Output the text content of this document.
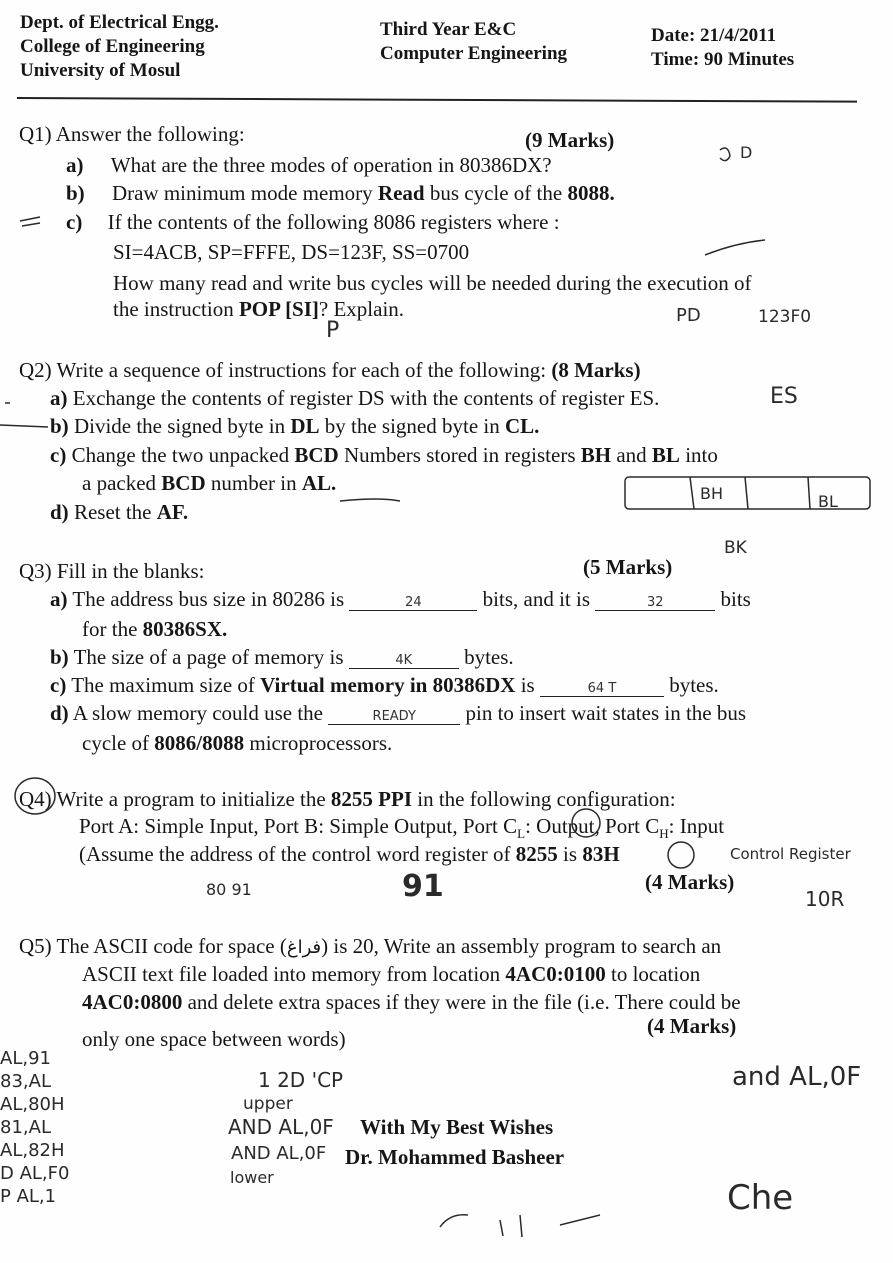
Dept. of Electrical Engg.
College of Engineering
University of Mosul
Third Year E&C
Computer Engineering
Date: 21/4/2011
Time: 90 Minutes
Q1) Answer the following:	(9 Marks)
a) What are the three modes of operation in 80386DX?
b) Draw minimum mode memory Read bus cycle of the 8088.
c) If the contents of the following 8086 registers where :
SI=4ACB, SP=FFFE, DS=123F, SS=0700
How many read and write bus cycles will be needed during the execution of
the instruction POP [SI]? Explain.
Q2) Write a sequence of instructions for each of the following: (8 Marks)
a) Exchange the contents of register DS with the contents of register ES.
b) Divide the signed byte in DL by the signed byte in CL.
c) Change the two unpacked BCD Numbers stored in registers BH and BL into
a packed BCD number in AL.
d) Reset the AF.
Q3) Fill in the blanks:	(5 Marks)
a) The address bus size in 80286 is	24	bits, and it is	32 bits
for the 80386SX.
b) The size of a page of memory is	4K bytes.
c) The maximum size of Virtual memory in 80386DX is	64 T bytes.
d) A slow memory could use the	READY pin to insert wait states in the bus
cycle of 8086/8088 microprocessors.
Q4) Write a program to initialize the 8255 PPI in the following configuration:
Port A: Simple Input, Port B: Simple Output, Port $C_L$: Output, Port $C_H$: Input
(Assume the address of the control word register of 8255 is 83H
(4 Marks)
Q5) The ASCII code for space (فراغ) is 20, Write an assembly program to search an
ASCII text file loaded into memory from location 4AC0:0100 to location
4AC0:0800 and delete extra spaces if they were in the file (i.e. There could be
only one space between words)
(4 Marks)
With My Best Wishes
Dr. Mohammed Basheer
ES
BH	BL
BK
Control Register
91
80 91	10R
1 2D 'CP
upper
AND AL,0F
AND AL,0F
lower
and AL,0F
Che
P
PD	123F0
D
AL,91
83,AL
AL,80H
81,AL
AL,82H
D AL,F0
P AL,1
